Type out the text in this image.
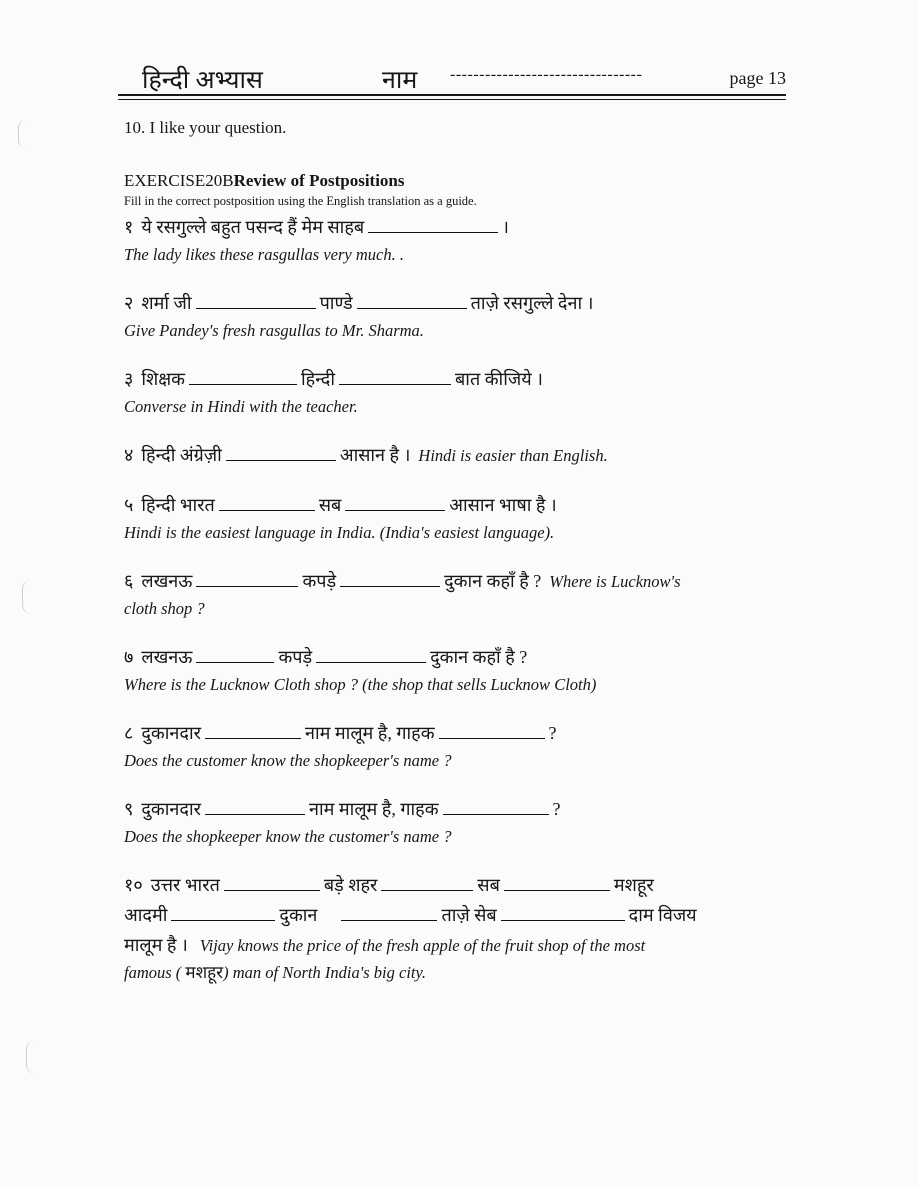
हिन्दी अभ्यास	नाम ---------------------------------	page 13
10. I like your question.
EXERCISE20BReview of Postpositions
Fill in the correct postposition using the English translation as a guide.
१ ये रसगुल्ले बहुत पसन्द हैं मेम साहब	।
The lady likes these rasgullas very much. .
२ शर्मा जी	पाण्डे	ताज़े रसगुल्ले देना ।
Give Pandey's fresh rasgullas to Mr. Sharma.
३ शिक्षक	हिन्दी	बात कीजिये ।
Converse in Hindi with the teacher.
४ हिन्दी अंग्रेज़ी	आसान है । Hindi is easier than English.
५ हिन्दी भारत	सब	आसान भाषा है ।
Hindi is the easiest language in India. (India's easiest language).
६ लखनऊ	कपड़े	दुकान कहाँ है ? Where is Lucknow's
cloth shop ?
७ लखनऊ	कपड़े	दुकान कहाँ है ?
Where is the Lucknow Cloth shop ? (the shop that sells Lucknow Cloth)
८ दुकानदार	नाम मालूम है, गाहक	?
Does the customer know the shopkeeper's name ?
९ दुकानदार	नाम मालूम है, गाहक	?
Does the shopkeeper know the customer's name ?
१० उत्तर भारत	बड़े शहर	सब	मशहूर
आदमी	दुकान	ताज़े सेब	दाम विजय
मालूम है । Vijay knows the price of the fresh apple of the fruit shop of the most
famous ( मशहूर) man of North India's big city.
